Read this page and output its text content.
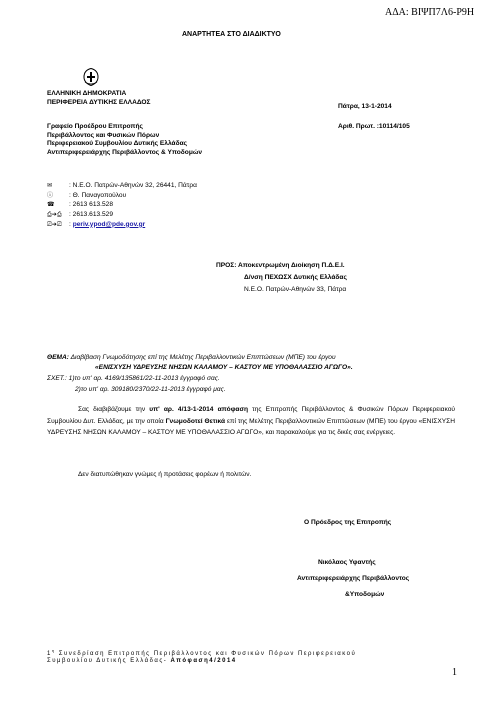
ΑΔΑ: ΒΙΨΠ7Λ6-Ρ9Η
ΑΝΑΡΤΗΤΕΑ ΣΤΟ ΔΙΑΔΙΚΤΥΟ
ΕΛΛΗΝΙΚΗ ΔΗΜΟΚΡΑΤΙΑ
ΠΕΡΙΦΕΡΕΙΑ ΔΥΤΙΚΗΣ ΕΛΛΑΔΟΣ
Πάτρα, 13-1-2014
Γραφείο Προέδρου Επιτροπής
Περιβάλλοντος και Φυσικών Πόρων
Περιφερειακού Συμβουλίου Δυτικής Ελλάδας
Αντιπεριφερειάρχης Περιβάλλοντος & Υποδομών
Αριθ. Πρωτ. :10114/105
✉	: Ν.Ε.Ο. Πατρών-Αθηνών 32, 26441, Πάτρα
ⓘ : Θ. Παναγοπούλου
☎ : 2613 613.528
⎙➔⎙ : 2613.613.529
⎚➔⎚ : periv.ypod@pde.gov.gr
ΠΡΟΣ: Αποκεντρωμένη Διοίκηση Π.Δ.Ε.Ι.
Δ/νση ΠΕΧΩΣΧ Δυτικής Ελλάδας
Ν.Ε.Ο. Πατρών-Αθηνών 33, Πάτρα
ΘΕΜΑ: Διαβίβαση Γνωμοδότησης επί της Μελέτης Περιβαλλοντικών Επιπτώσεων (ΜΠΕ) του έργου
«ΕΝΙΣΧΥΣΗ ΥΔΡΕΥΣΗΣ ΝΗΣΩΝ ΚΑΛΑΜΟΥ – ΚΑΣΤΟΥ ΜΕ ΥΠΟΘΑΛΑΣΣΙΟ ΑΓΩΓΟ».
ΣΧΕΤ.: 1)το υπ' αρ. 4169/135861/22-11-2013 έγγραφό σας.
2)το υπ' αρ. 309180/2370/22-11-2013 έγγραφό μας.
Σας διαβιβάζουμε την υπ' αρ. 4/13-1-2014 απόφαση της Επιτροπής Περιβάλλοντος & Φυσικών Πόρων Περιφερειακού Συμβουλίου Δυτ. Ελλάδας, με την οποία Γνωμοδοτεί Θετικά επί της Μελέτης Περιβαλλοντικών Επιπτώσεων (ΜΠΕ) του έργου «ΕΝΙΣΧΥΣΗ ΥΔΡΕΥΣΗΣ ΝΗΣΩΝ ΚΑΛΑΜΟΥ – ΚΑΣΤΟΥ ΜΕ ΥΠΟΘΑΛΑΣΣΙΟ ΑΓΩΓΟ», και παρακαλούμε για τις δικές σας ενέργειες.
Δεν διατυπώθηκαν γνώμες ή προτάσεις φορέων ή πολιτών.
Ο Πρόεδρος της Επιτροπής
Νικόλαος Υφαντής
Αντιπεριφερειάρχης Περιβάλλοντος
&Υποδομών
$1^\eta$ Συνεδρίαση Επιτροπής Περιβάλλοντος και Φυσικών Πόρων Περιφερειακού
Συμβουλίου Δυτικής Ελλάδας- Απόφαση4/2014
1
